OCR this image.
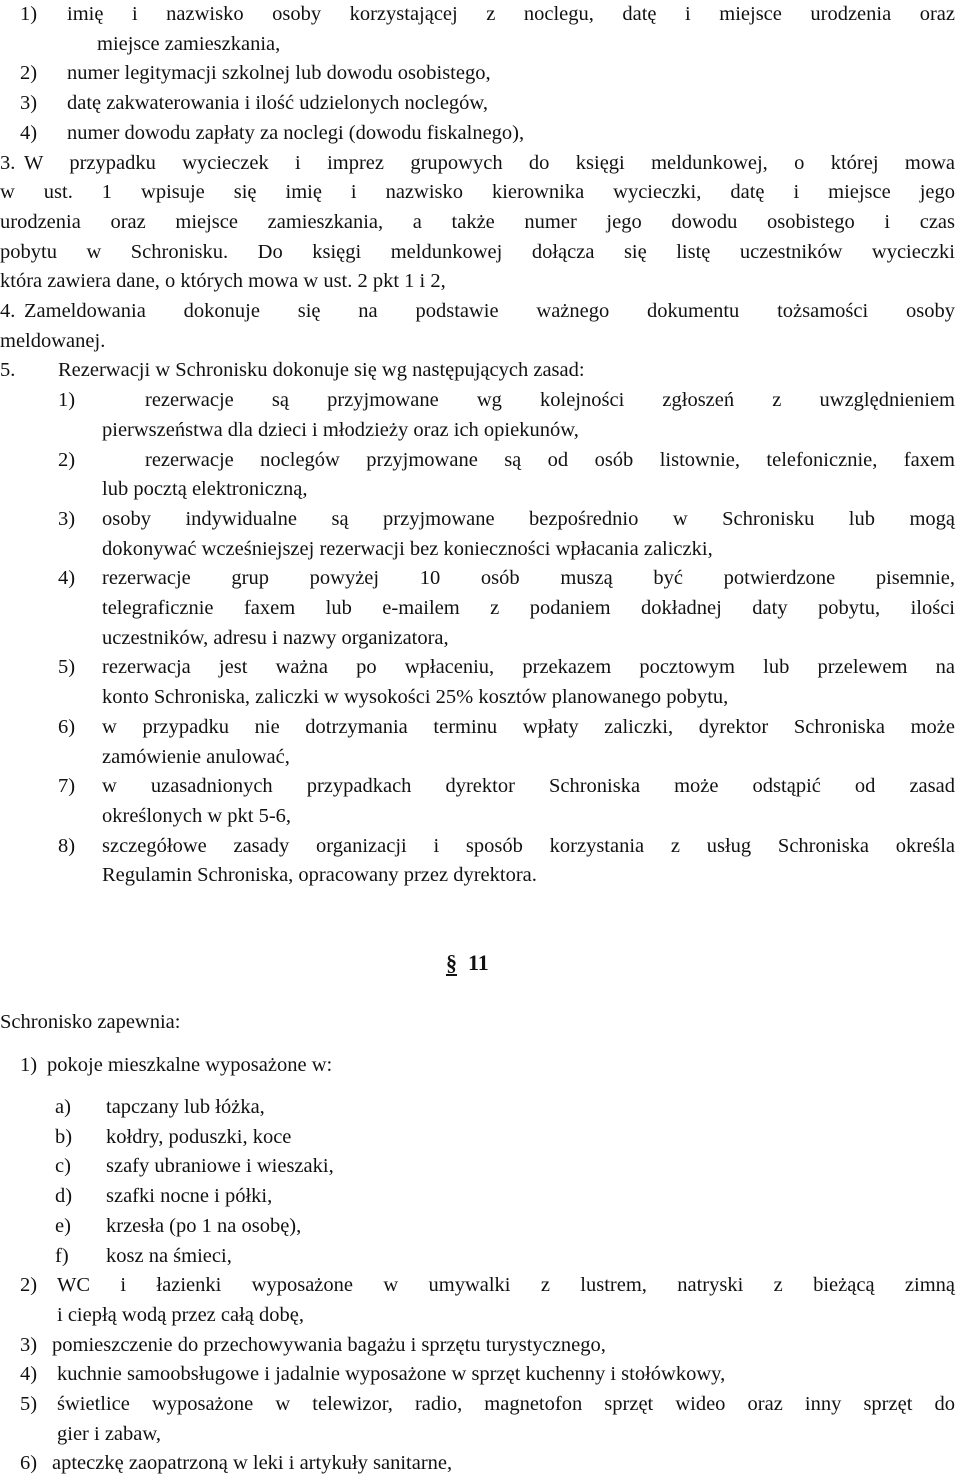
1) imię i nazwisko osoby korzystającej z noclegu, datę i miejsce urodzenia oraz
miejsce zamieszkania,
2) numer legitymacji szkolnej lub dowodu osobistego,
3) datę zakwaterowania i ilość udzielonych noclegów,
4) numer dowodu zapłaty za noclegi (dowodu fiskalnego),
3. W przypadku wycieczek i imprez grupowych do księgi meldunkowej, o której mowa
w ust. 1 wpisuje się imię i nazwisko kierownika wycieczki, datę i miejsce jego
urodzenia oraz miejsce zamieszkania, a także numer jego dowodu osobistego i czas
pobytu w Schronisku. Do księgi meldunkowej dołącza się listę uczestników wycieczki
która zawiera dane, o których mowa w ust. 2 pkt 1 i 2,
4. Zameldowania dokonuje się na podstawie ważnego dokumentu tożsamości osoby
meldowanej.
5. Rezerwacji w Schronisku dokonuje się wg następujących zasad:
1)	rezerwacje są przyjmowane wg kolejności zgłoszeń z uwzględnieniem
pierwszeństwa dla dzieci i młodzieży oraz ich opiekunów,
2)	rezerwacje noclegów przyjmowane są od osób listownie, telefonicznie, faxem
lub pocztą elektroniczną,
3) osoby indywidualne są przyjmowane bezpośrednio w Schronisku lub mogą
dokonywać wcześniejszej rezerwacji bez konieczności wpłacania zaliczki,
4) rezerwacje grup powyżej 10 osób muszą być potwierdzone pisemnie,
telegraficznie faxem lub e-mailem z podaniem dokładnej daty pobytu, ilości
uczestników, adresu i nazwy organizatora,
5) rezerwacja jest ważna po wpłaceniu, przekazem pocztowym lub przelewem na
konto Schroniska, zaliczki w wysokości 25% kosztów planowanego pobytu,
6) w przypadku nie dotrzymania terminu wpłaty zaliczki, dyrektor Schroniska może
zamówienie anulować,
7) w uzasadnionych przypadkach dyrektor Schroniska może odstąpić od zasad
określonych w pkt 5-6,
8) szczegółowe zasady organizacji i sposób korzystania z usług Schroniska określa
Regulamin Schroniska, opracowany przez dyrektora.
§ 11
Schronisko zapewnia:
1) pokoje mieszkalne wyposażone w:
a) tapczany lub łóżka,
b) kołdry, poduszki, koce
c) szafy ubraniowe i wieszaki,
d) szafki nocne i półki,
e) krzesła (po 1 na osobę),
f) kosz na śmieci,
2) WC i łazienki wyposażone w umywalki z lustrem, natryski z bieżącą zimną
i ciepłą wodą przez całą dobę,
3) pomieszczenie do przechowywania bagażu i sprzętu turystycznego,
4) kuchnie samoobsługowe i jadalnie wyposażone w sprzęt kuchenny i stołówkowy,
5) świetlice wyposażone w telewizor, radio, magnetofon sprzęt wideo oraz inny sprzęt do
gier i zabaw,
6) apteczkę zaopatrzoną w leki i artykuły sanitarne,
